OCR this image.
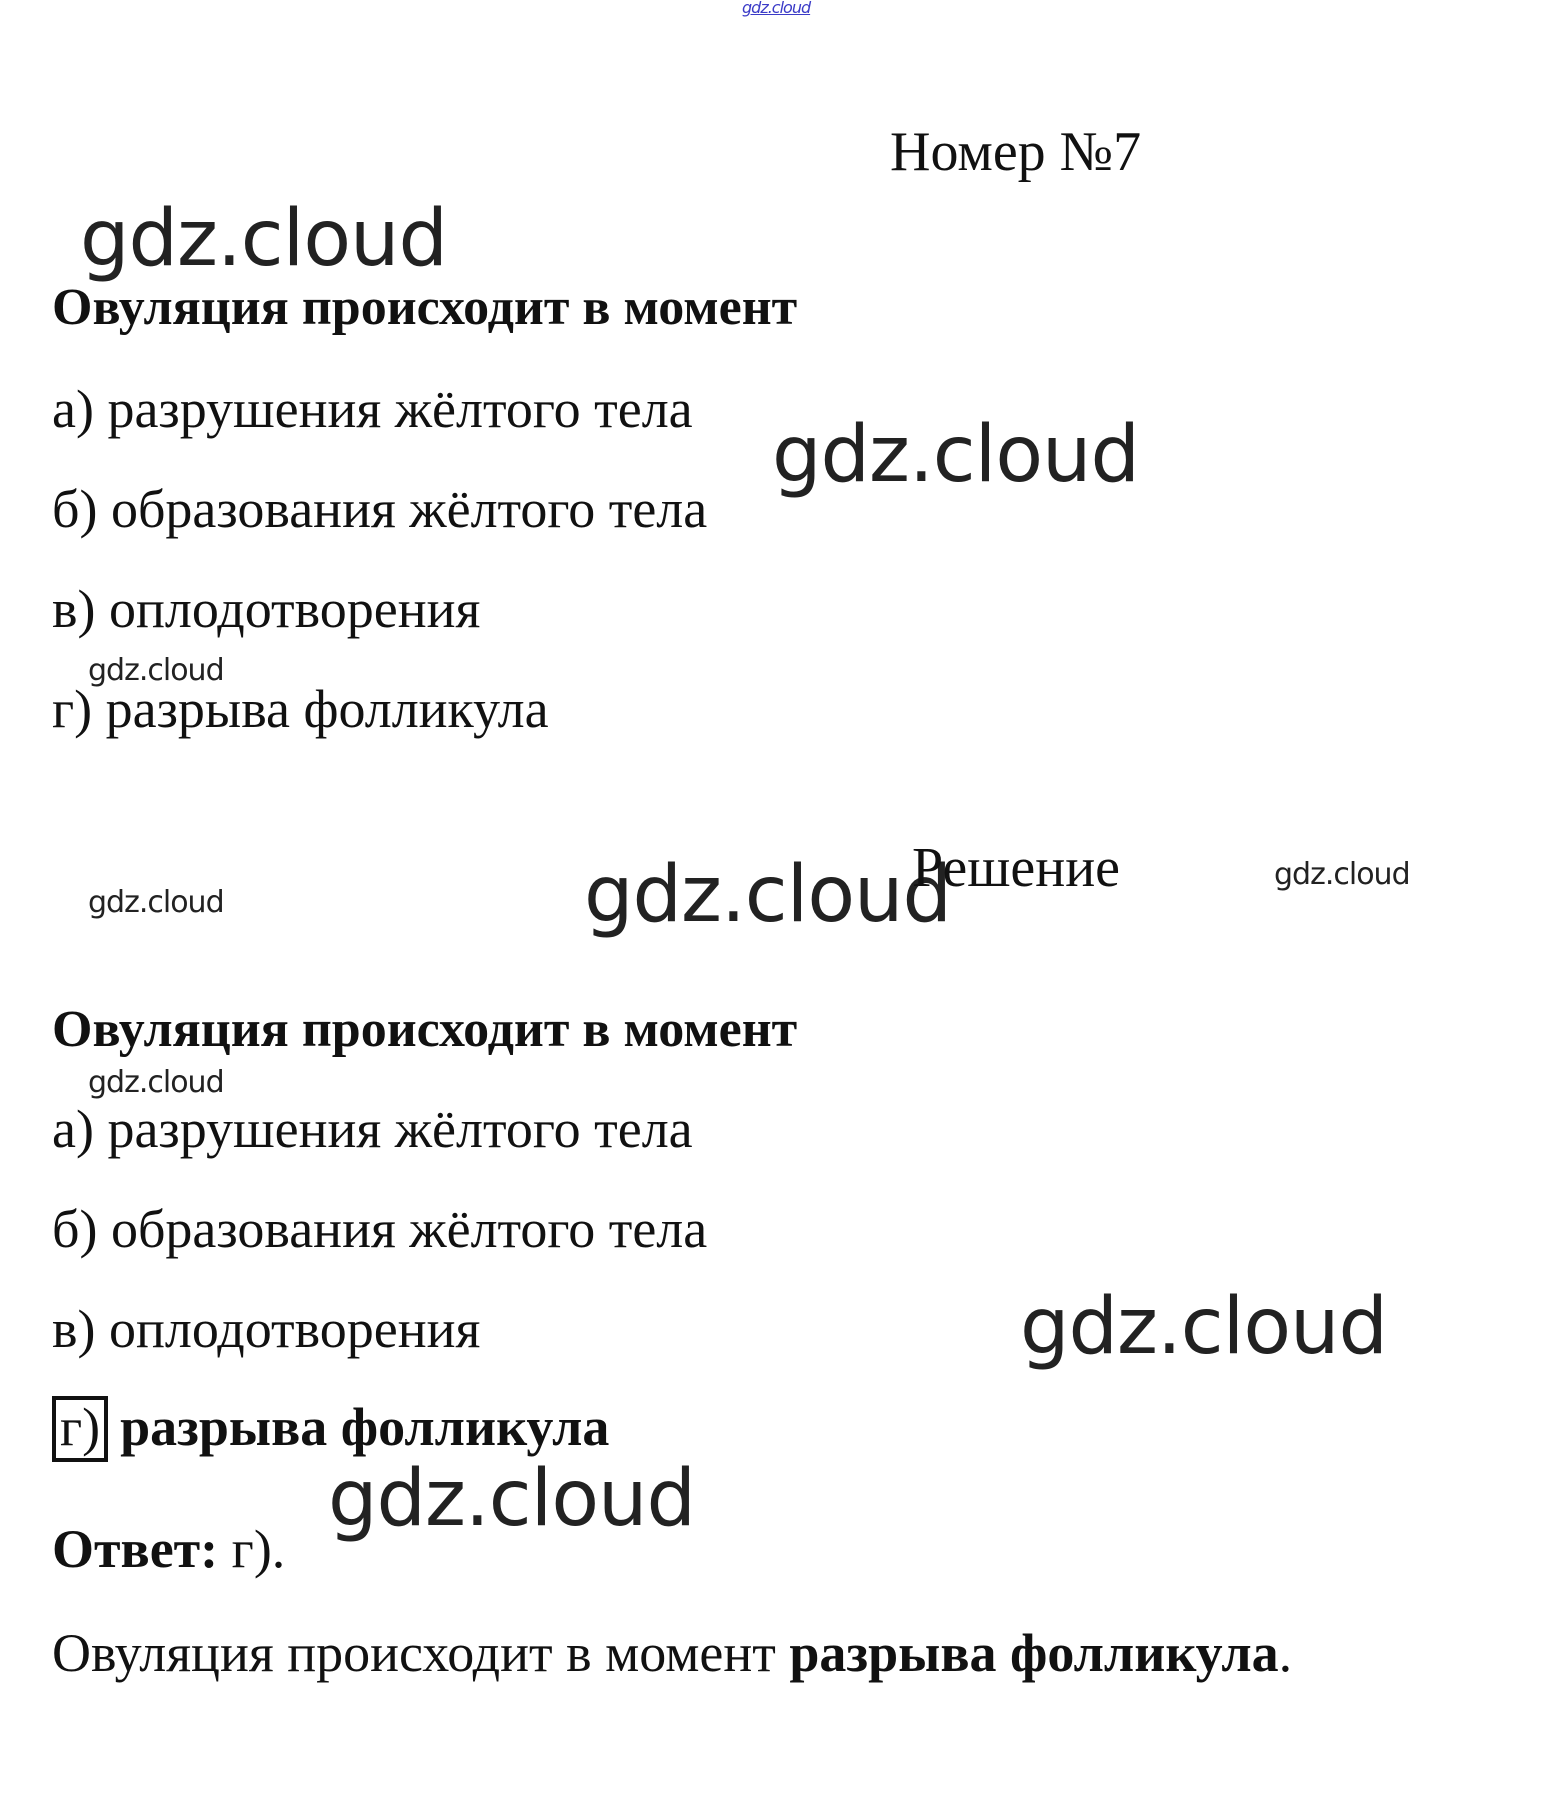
gdz.cloud
Номер №7
gdz.cloud
gdz.cloud
gdz.cloud
gdz.cloud	gdz.cloud	gdz.cloud
gdz.cloud
gdz.cloud
gdz.cloud
Овуляция происходит в момент
а) разрушения жёлтого тела
б) образования жёлтого тела
в) оплодотворения
г) разрыва фолликула
Решение
Овуляция происходит в момент
а) разрушения жёлтого тела
б) образования жёлтого тела
в) оплодотворения
г) разрыва фолликула
Ответ: г).
Овуляция происходит в момент разрыва фолликула.
